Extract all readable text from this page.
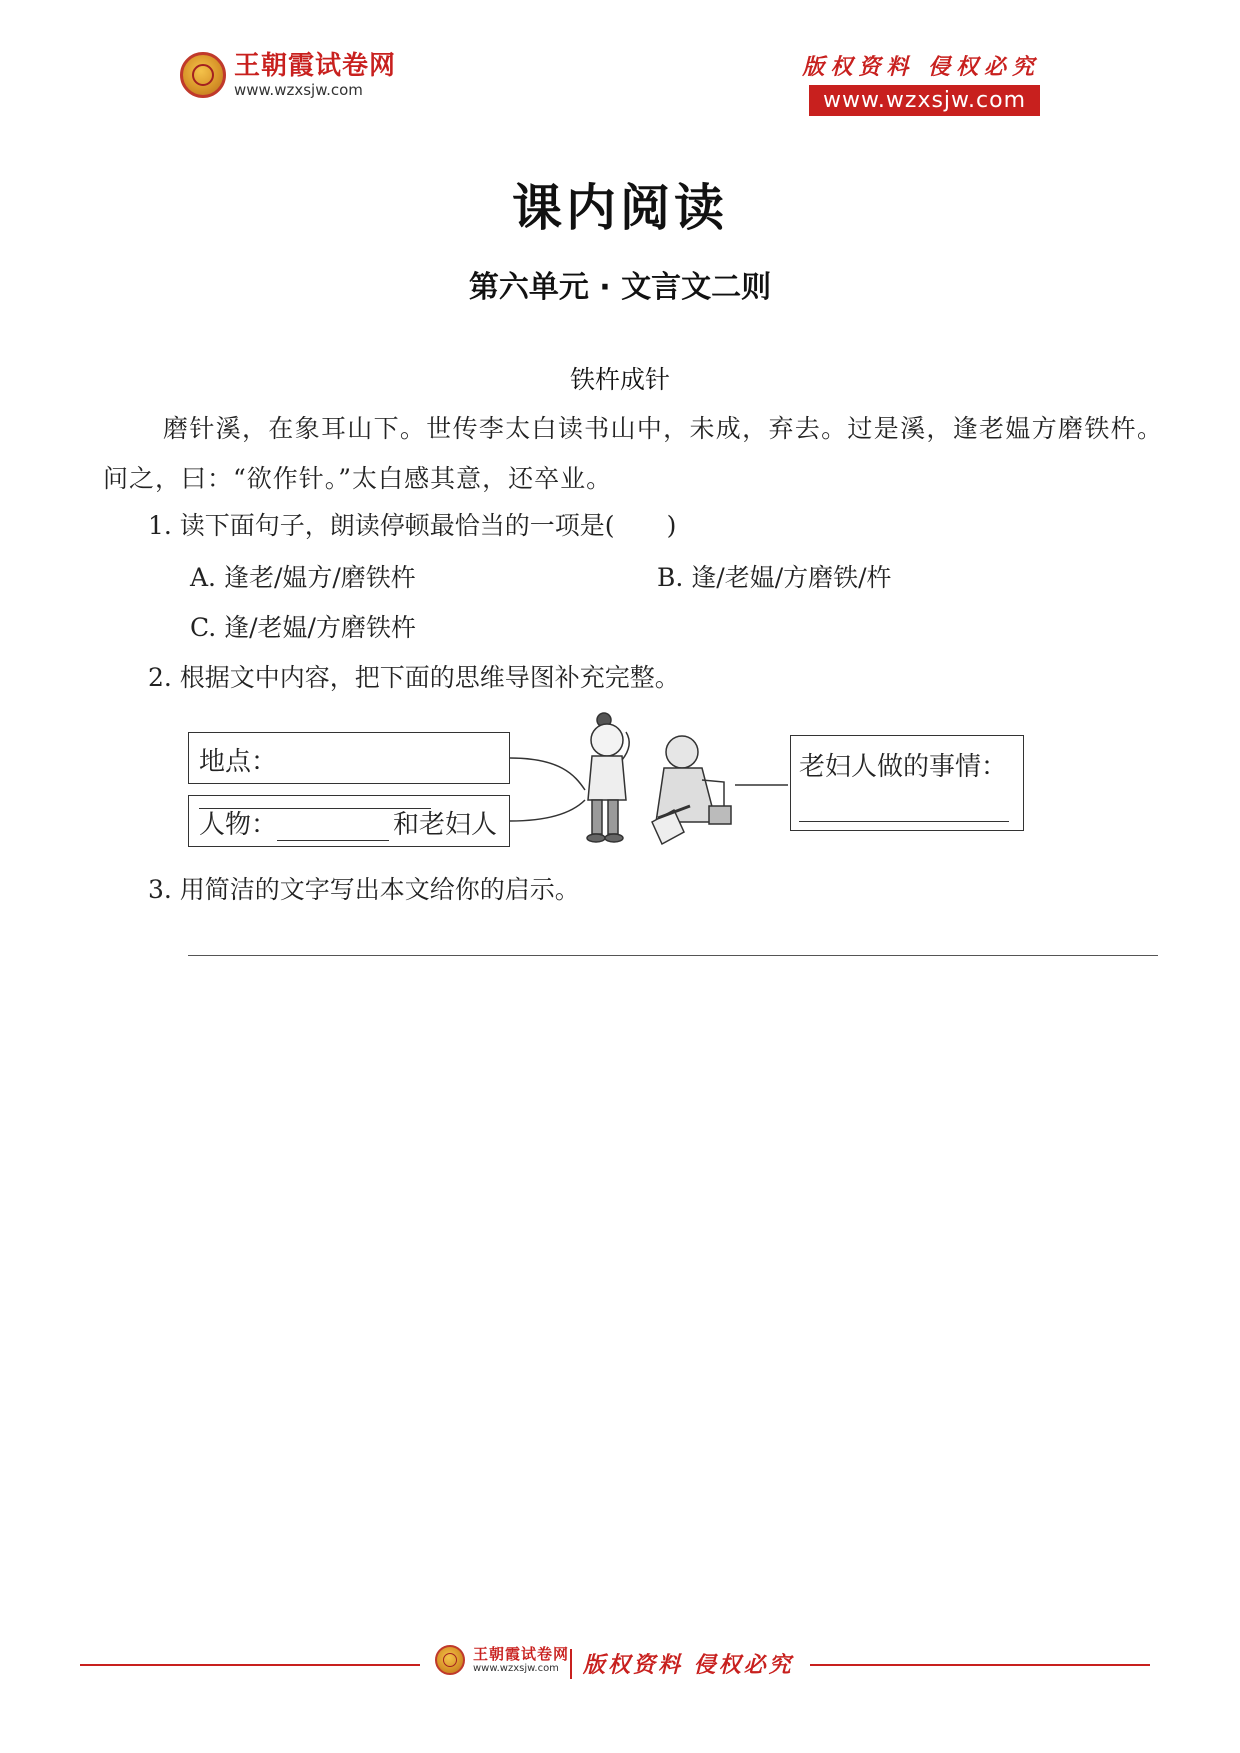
王朝霞试卷网
www.wzxsjw.com
版权资料 侵权必究
www.wzxsjw.com
课内阅读
第六单元 · 文言文二则
铁杵成针
磨针溪，在象耳山下。世传李太白读书山中，未成，弃去。过是溪，逢老媪方磨铁杵。问之，曰：“欲作针。”太白感其意，还卒业。
1. 读下面句子，朗读停顿最恰当的一项是( )
A. 逢老/媪方/磨铁杵	B. 逢/老媪/方磨铁/杵
C. 逢/老媪/方磨铁杵
2. 根据文中内容，把下面的思维导图补充完整。
地点：
人物：	和老妇人
老妇人做的事情：
3. 用简洁的文字写出本文给你的启示。
王朝霞试卷网
www.wzxsjw.com	版权资料 侵权必究
